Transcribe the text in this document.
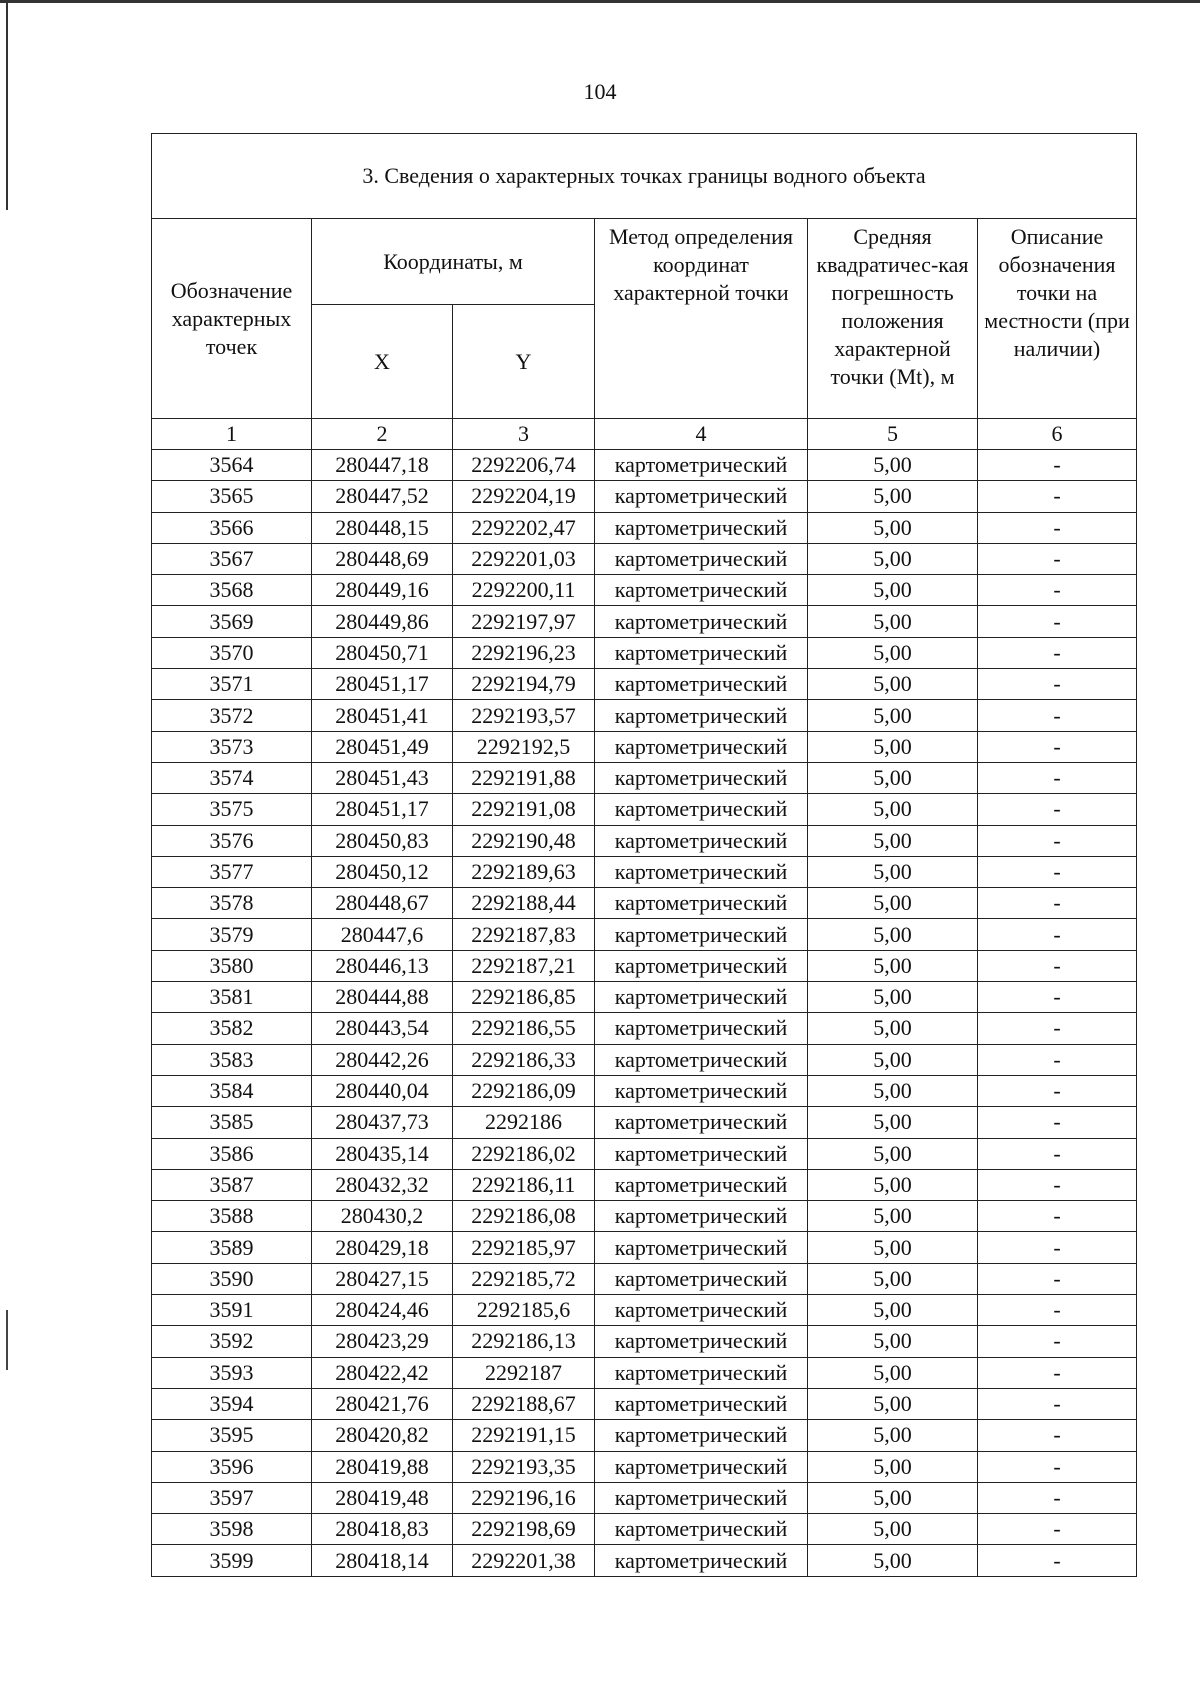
104
3. Сведения о характерных точках границы водного объекта					
Обозначение характерных точек	Координаты, м		Метод определения координат характерной точки	Средняя квадратичес-кая погрешность положения характерной точки (Mt), м	Описание обозначения точки на местности (при наличии)
	X	Y			
1	2	3	4	5	6
3564	280447,18	2292206,74	картометрический	5,00	-
3565	280447,52	2292204,19	картометрический	5,00	-
3566	280448,15	2292202,47	картометрический	5,00	-
3567	280448,69	2292201,03	картометрический	5,00	-
3568	280449,16	2292200,11	картометрический	5,00	-
3569	280449,86	2292197,97	картометрический	5,00	-
3570	280450,71	2292196,23	картометрический	5,00	-
3571	280451,17	2292194,79	картометрический	5,00	-
3572	280451,41	2292193,57	картометрический	5,00	-
3573	280451,49	2292192,5	картометрический	5,00	-
3574	280451,43	2292191,88	картометрический	5,00	-
3575	280451,17	2292191,08	картометрический	5,00	-
3576	280450,83	2292190,48	картометрический	5,00	-
3577	280450,12	2292189,63	картометрический	5,00	-
3578	280448,67	2292188,44	картометрический	5,00	-
3579	280447,6	2292187,83	картометрический	5,00	-
3580	280446,13	2292187,21	картометрический	5,00	-
3581	280444,88	2292186,85	картометрический	5,00	-
3582	280443,54	2292186,55	картометрический	5,00	-
3583	280442,26	2292186,33	картометрический	5,00	-
3584	280440,04	2292186,09	картометрический	5,00	-
3585	280437,73	2292186	картометрический	5,00	-
3586	280435,14	2292186,02	картометрический	5,00	-
3587	280432,32	2292186,11	картометрический	5,00	-
3588	280430,2	2292186,08	картометрический	5,00	-
3589	280429,18	2292185,97	картометрический	5,00	-
3590	280427,15	2292185,72	картометрический	5,00	-
3591	280424,46	2292185,6	картометрический	5,00	-
3592	280423,29	2292186,13	картометрический	5,00	-
3593	280422,42	2292187	картометрический	5,00	-
3594	280421,76	2292188,67	картометрический	5,00	-
3595	280420,82	2292191,15	картометрический	5,00	-
3596	280419,88	2292193,35	картометрический	5,00	-
3597	280419,48	2292196,16	картометрический	5,00	-
3598	280418,83	2292198,69	картометрический	5,00	-
3599	280418,14	2292201,38	картометрический	5,00	-
